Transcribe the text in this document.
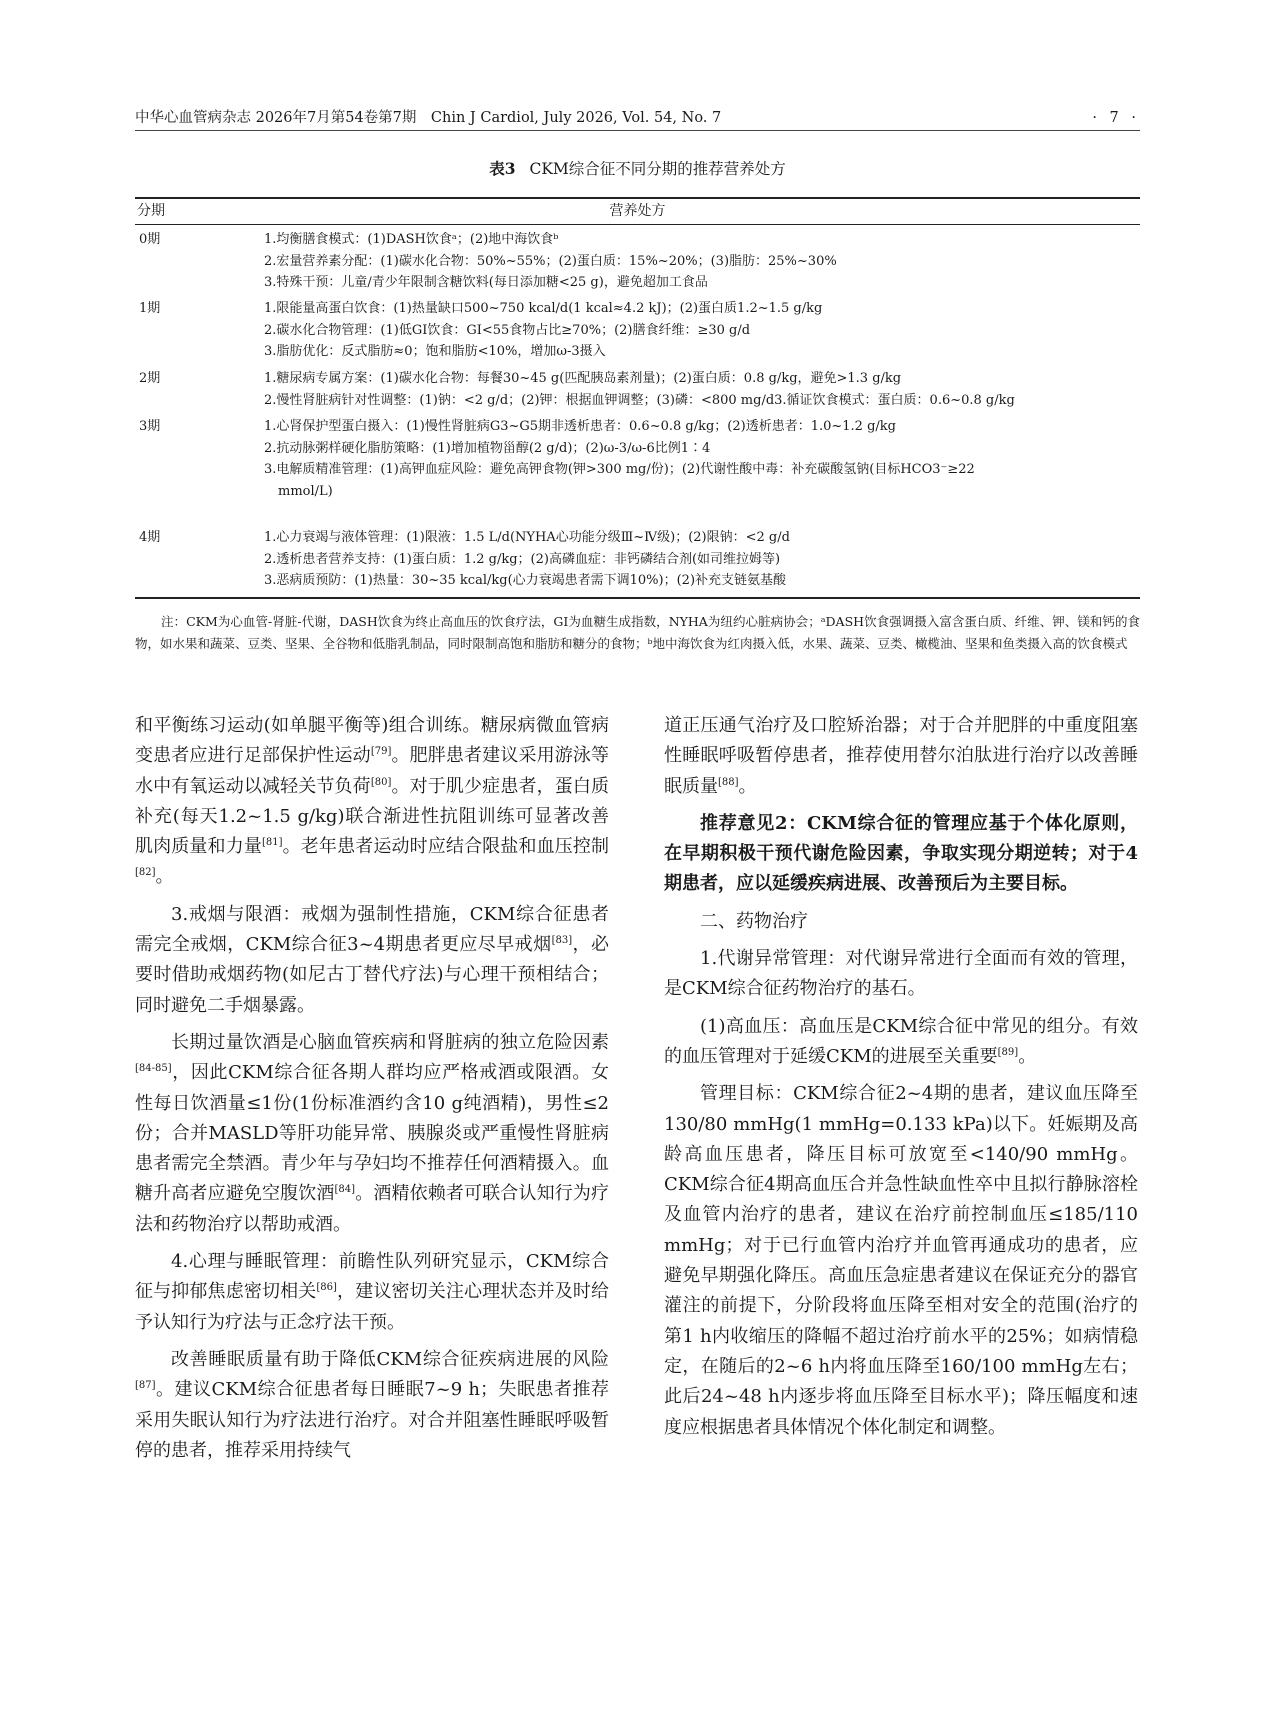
中华心血管病杂志 2026年7月第54卷第7期　Chin J Cardiol, July 2026, Vol. 54, No. 7	· 7 ·
表3 CKM综合征不同分期的推荐营养处方
分期	营养处方
0期	1.均衡膳食模式：(1)DASH饮食ᵃ；(2)地中海饮食ᵇ

2.宏量营养素分配：(1)碳水化合物：50%~55%；(2)蛋白质：15%~20%；(3)脂肪：25%~30%

3.特殊干预：儿童/青少年限制含糖饮料(每日添加糖<25 g)，避免超加工食品

1期	1.限能量高蛋白饮食：(1)热量缺口500~750 kcal/d(1 kcal≈4.2 kJ)；(2)蛋白质1.2~1.5 g/kg

2.碳水化合物管理：(1)低GI饮食：GI<55食物占比≥70%；(2)膳食纤维：≥30 g/d

3.脂肪优化：反式脂肪≈0；饱和脂肪<10%，增加ω-3摄入

2期	1.糖尿病专属方案：(1)碳水化合物：每餐30~45 g(匹配胰岛素剂量)；(2)蛋白质：0.8 g/kg，避免>1.3 g/kg

2.慢性肾脏病针对性调整：(1)钠：<2 g/d；(2)钾：根据血钾调整；(3)磷：<800 mg/d3.循证饮食模式：蛋白质：0.6~0.8 g/kg

3期	1.心肾保护型蛋白摄入：(1)慢性肾脏病G3~G5期非透析患者：0.6~0.8 g/kg；(2)透析患者：1.0~1.2 g/kg

2.抗动脉粥样硬化脂肪策略：(1)增加植物甾醇(2 g/d)；(2)ω-3/ω-6比例1∶4

3.电解质精准管理：(1)高钾血症风险：避免高钾食物(钾>300 mg/份)；(2)代谢性酸中毒：补充碳酸氢钠(目标HCO3⁻≥22

mmol/L)

4期	1.心力衰竭与液体管理：(1)限液：1.5 L/d(NYHA心功能分级Ⅲ~Ⅳ级)；(2)限钠：<2 g/d

2.透析患者营养支持：(1)蛋白质：1.2 g/kg；(2)高磷血症：非钙磷结合剂(如司维拉姆等)

3.恶病质预防：(1)热量：30~35 kcal/kg(心力衰竭患者需下调10%)；(2)补充支链氨基酸

注：CKM为心血管-肾脏-代谢，DASH饮食为终止高血压的饮食疗法，GI为血糖生成指数，NYHA为纽约心脏病协会；ᵃDASH饮食强调摄入富含蛋白质、纤维、钾、镁和钙的食物，如水果和蔬菜、豆类、坚果、全谷物和低脂乳制品，同时限制高饱和脂肪和糖分的食物；ᵇ地中海饮食为红肉摄入低，水果、蔬菜、豆类、橄榄油、坚果和鱼类摄入高的饮食模式

和平衡练习运动(如单腿平衡等)组合训练。糖尿病微血管病变患者应进行足部保护性运动[79]。肥胖患者建议采用游泳等水中有氧运动以减轻关节负荷[80]。对于肌少症患者，蛋白质补充(每天1.2~1.5 g/kg)联合渐进性抗阻训练可显著改善肌肉质量和力量[81]。老年患者运动时应结合限盐和血压控制[82]。

3.戒烟与限酒：戒烟为强制性措施，CKM综合征患者需完全戒烟，CKM综合征3~4期患者更应尽早戒烟[83]，必要时借助戒烟药物(如尼古丁替代疗法)与心理干预相结合；同时避免二手烟暴露。

长期过量饮酒是心脑血管疾病和肾脏病的独立危险因素[84-85]，因此CKM综合征各期人群均应严格戒酒或限酒。女性每日饮酒量≤1份(1份标准酒约含10 g纯酒精)，男性≤2份；合并MASLD等肝功能异常、胰腺炎或严重慢性肾脏病患者需完全禁酒。青少年与孕妇均不推荐任何酒精摄入。血糖升高者应避免空腹饮酒[84]。酒精依赖者可联合认知行为疗法和药物治疗以帮助戒酒。

4.心理与睡眠管理：前瞻性队列研究显示，CKM综合征与抑郁焦虑密切相关[86]，建议密切关注心理状态并及时给予认知行为疗法与正念疗法干预。

改善睡眠质量有助于降低CKM综合征疾病进展的风险[87]。建议CKM综合征患者每日睡眠7~9 h；失眠患者推荐采用失眠认知行为疗法进行治疗。对合并阻塞性睡眠呼吸暂停的患者，推荐采用持续气

道正压通气治疗及口腔矫治器；对于合并肥胖的中重度阻塞性睡眠呼吸暂停患者，推荐使用替尔泊肽进行治疗以改善睡眠质量[88]。

推荐意见2：CKM综合征的管理应基于个体化原则，在早期积极干预代谢危险因素，争取实现分期逆转；对于4期患者，应以延缓疾病进展、改善预后为主要目标。

二、药物治疗

1.代谢异常管理：对代谢异常进行全面而有效的管理，是CKM综合征药物治疗的基石。

(1)高血压：高血压是CKM综合征中常见的组分。有效的血压管理对于延缓CKM的进展至关重要[89]。

管理目标：CKM综合征2~4期的患者，建议血压降至130/80 mmHg(1 mmHg=0.133 kPa)以下。妊娠期及高龄高血压患者，降压目标可放宽至<140/90 mmHg。CKM综合征4期高血压合并急性缺血性卒中且拟行静脉溶栓及血管内治疗的患者，建议在治疗前控制血压≤185/110 mmHg；对于已行血管内治疗并血管再通成功的患者，应避免早期强化降压。高血压急症患者建议在保证充分的器官灌注的前提下，分阶段将血压降至相对安全的范围(治疗的第1 h内收缩压的降幅不超过治疗前水平的25%；如病情稳定，在随后的2~6 h内将血压降至160/100 mmHg左右；此后24~48 h内逐步将血压降至目标水平)；降压幅度和速度应根据患者具体情况个体化制定和调整。
